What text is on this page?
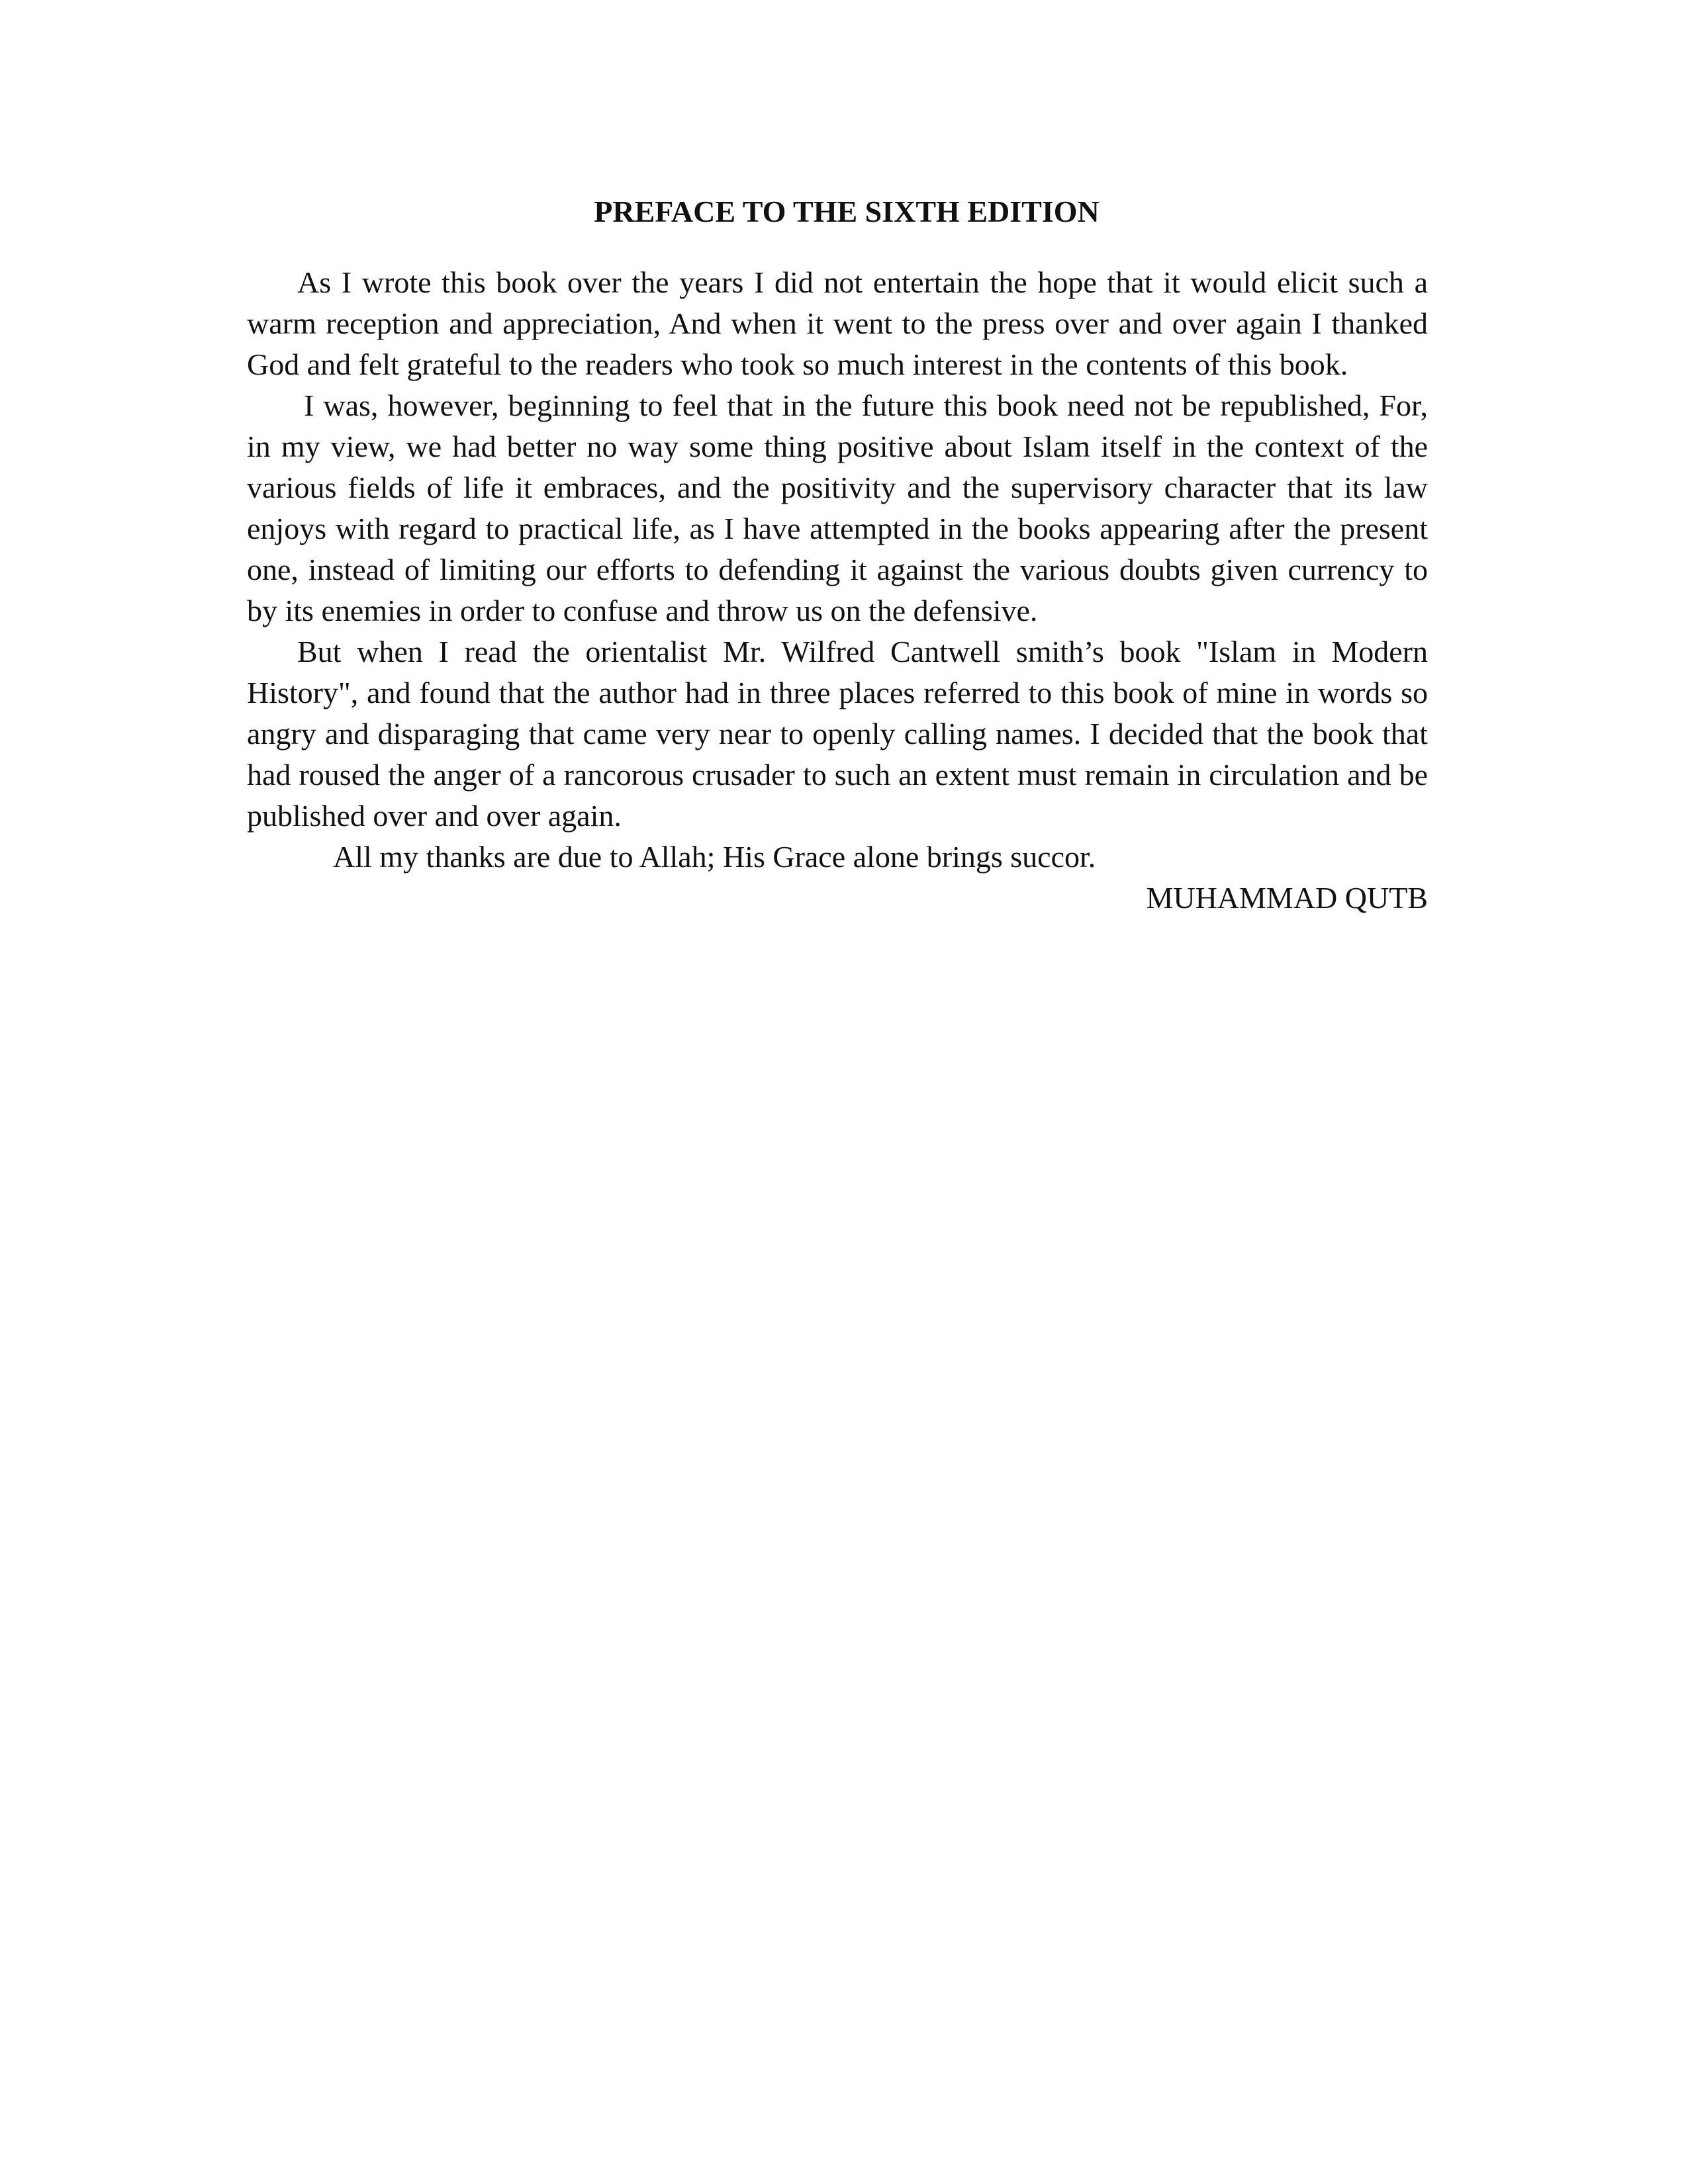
PREFACE TO THE SIXTH EDITION

As I wrote this book over the years I did not entertain the hope that it would elicit such a warm reception and appreciation, And when it went to the press over and over again I thanked God and felt grateful to the readers who took so much interest in the contents of this book.

I was, however, beginning to feel that in the future this book need not be republished, For, in my view, we had better no way some thing positive about Islam itself in the context of the various fields of life it embraces, and the positivity and the supervisory character that its law enjoys with regard to practical life, as I have attempted in the books appearing after the present one, instead of limiting our efforts to defending it against the various doubts given currency to by its enemies in order to confuse and throw us on the defensive.

But when I read the orientalist Mr. Wilfred Cantwell smith’s book "Islam in Modern History", and found that the author had in three places referred to this book of mine in words so angry and disparaging that came very near to openly calling names. I decided that the book that had roused the anger of a rancorous crusader to such an extent must remain in circulation and be published over and over again.

All my thanks are due to Allah; His Grace alone brings succor.

MUHAMMAD QUTB
